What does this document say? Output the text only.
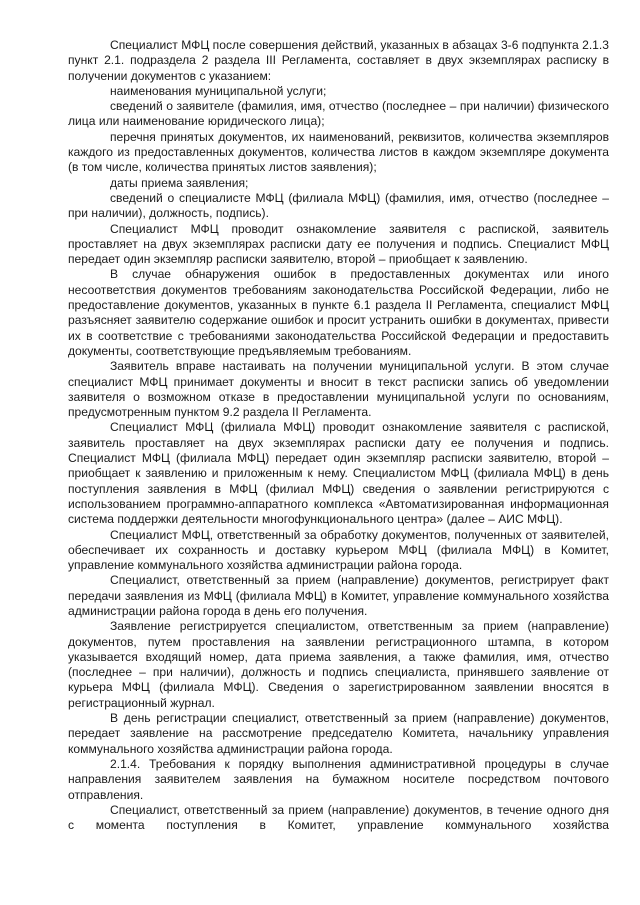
Специалист МФЦ после совершения действий, указанных в абзацах 3-6 подпункта 2.1.3 пункт 2.1. подраздела 2 раздела III Регламента, составляет в двух экземплярах расписку в получении документов с указанием:

наименования муниципальной услуги;

сведений о заявителе (фамилия, имя, отчество (последнее – при наличии) физического лица или наименование юридического лица);

перечня принятых документов, их наименований, реквизитов, количества экземпляров каждого из предоставленных документов, количества листов в каждом экземпляре документа (в том числе, количества принятых листов заявления);

даты приема заявления;

сведений о специалисте МФЦ (филиала МФЦ) (фамилия, имя, отчество (последнее – при наличии), должность, подпись).

Специалист МФЦ проводит ознакомление заявителя с распиской, заявитель проставляет на двух экземплярах расписки дату ее получения и подпись. Специалист МФЦ передает один экземпляр расписки заявителю, второй – приобщает к заявлению.

В случае обнаружения ошибок в предоставленных документах или иного несоответствия документов требованиям законодательства Российской Федерации, либо не предоставление документов, указанных в пункте 6.1 раздела II Регламента, специалист МФЦ разъясняет заявителю содержание ошибок и просит устранить ошибки в документах, привести их в соответствие с требованиями законодательства Российской Федерации и предоставить документы, соответствующие предъявляемым требованиям.

Заявитель вправе настаивать на получении муниципальной услуги. В этом случае специалист МФЦ принимает документы и вносит в текст расписки запись об уведомлении заявителя о возможном отказе в предоставлении муниципальной услуги по основаниям, предусмотренным пунктом 9.2 раздела II Регламента.

Специалист МФЦ (филиала МФЦ) проводит ознакомление заявителя с распиской, заявитель проставляет на двух экземплярах расписки дату ее получения и подпись. Специалист МФЦ (филиала МФЦ) передает один экземпляр расписки заявителю, второй – приобщает к заявлению и приложенным к нему. Специалистом МФЦ (филиала МФЦ) в день поступления заявления в МФЦ (филиал МФЦ) сведения о заявлении регистрируются с использованием программно-аппаратного комплекса «Автоматизированная информационная система поддержки деятельности многофункционального центра» (далее – АИС МФЦ).

Специалист МФЦ, ответственный за обработку документов, полученных от заявителей, обеспечивает их сохранность и доставку курьером МФЦ (филиала МФЦ) в Комитет, управление коммунального хозяйства администрации района города.

Специалист, ответственный за прием (направление) документов, регистрирует факт передачи заявления из МФЦ (филиала МФЦ) в Комитет, управление коммунального хозяйства администрации района города в день его получения.

Заявление регистрируется специалистом, ответственным за прием (направление) документов, путем проставления на заявлении регистрационного штампа, в котором указывается входящий номер, дата приема заявления, а также фамилия, имя, отчество (последнее – при наличии), должность и подпись специалиста, принявшего заявление от курьера МФЦ (филиала МФЦ). Сведения о зарегистрированном заявлении вносятся в регистрационный журнал.

В день регистрации специалист, ответственный за прием (направление) документов, передает заявление на рассмотрение председателю Комитета, начальнику управления коммунального хозяйства администрации района города.

2.1.4. Требования к порядку выполнения административной процедуры в случае направления заявителем заявления на бумажном носителе посредством почтового отправления.

Специалист, ответственный за прием (направление) документов, в течение одного дня с момента поступления в Комитет, управление коммунального хозяйства
